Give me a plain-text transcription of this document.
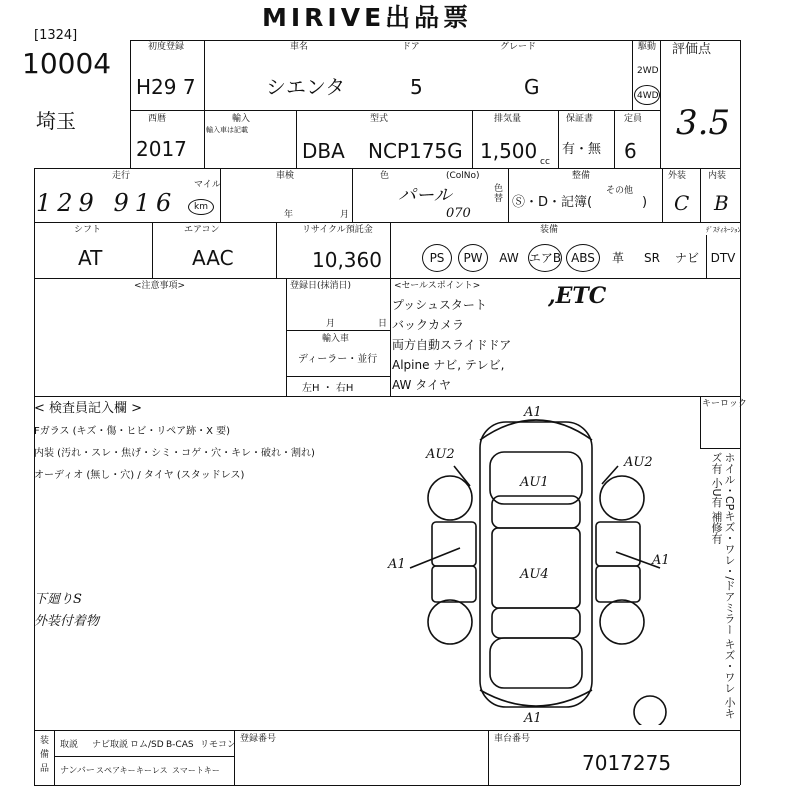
MIRIVE出品票
[1324]
10004
埼玉
初度登録
H29 7
車名
シエンタ
ドア
5
グレード
G
駆動
2WD
4WD
評価点
3.5
西暦
2017
輸入
輸入車は記載
型式
DBA NCP175G
排気量
1,500 cc
保証書
有・無
定員
6
走行
マイル
129 916 km
車検
年	月
色	(ColNo)
パール
070
色替
整備
その他
Ⓢ・D・記簿(	)
外装
C
内装
B
シフト
AT
エアコン
AAC
リサイクル預託金
10,360
装備	ﾃﾞｽﾃｨﾈｰｼｮﾝ
PS	PW	AW エアB ABS	革	SR	ナビ DTV
<注意事項>	登録日(抹消日)
月	日
輸入車
ディーラー・並行
左H ・ 右H
<セールスポイント>
プッシュスタート
バックカメラ
両方自動スライドドア
Alpine ナビ, テレビ,
AW タイヤ
,ETC
< 検査員記入欄 >
Fガラス (キズ・傷・ヒビ・リペア跡・X 要)
内装 (汚れ・スレ・焦げ・シミ・コゲ・穴・キレ・破れ・割れ)
オーディオ (無し・穴) / タイヤ (スタッドレス)
下廻りS
外装付着物
キーロック
ホイル・CPキズ・ワレ・/ドアミラー キズ・ワレ 小キズ有 小U有 補修有
A1
A1
A1	A1
AU2
AU2
AU1
AU4
装備品
取説 ナビ取説 ロム/SD B-CAS リモコン
ナンバー スペアキー キーレス スマートキー
登録番号	車台番号
7017275
